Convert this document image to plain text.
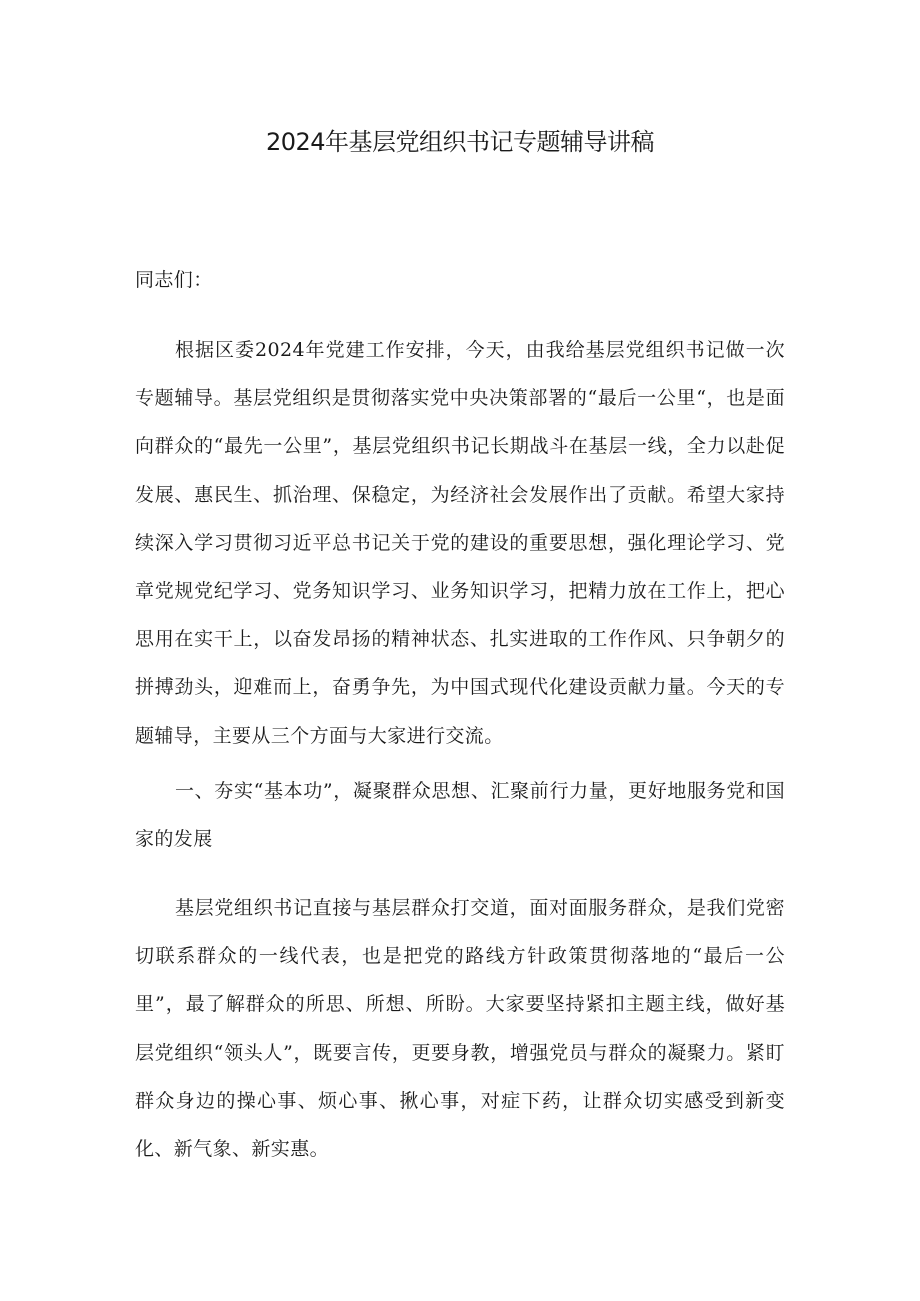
2024年基层党组织书记专题辅导讲稿
同志们：
根据区委2024年党建工作安排，今天，由我给基层党组织书记做一次专题辅导。基层党组织是贯彻落实党中央决策部署的“最后一公里“，也是面向群众的“最先一公里”，基层党组织书记长期战斗在基层一线，全力以赴促发展、惠民生、抓治理、保稳定，为经济社会发展作出了贡献。希望大家持续深入学习贯彻习近平总书记关于党的建设的重要思想，强化理论学习、党章党规党纪学习、党务知识学习、业务知识学习，把精力放在工作上，把心思用在实干上，以奋发昂扬的精神状态、扎实进取的工作作风、只争朝夕的拼搏劲头，迎难而上，奋勇争先，为中国式现代化建设贡献力量。今天的专题辅导，主要从三个方面与大家进行交流。
一、夯实“基本功”，凝聚群众思想、汇聚前行力量，更好地服务党和国家的发展
基层党组织书记直接与基层群众打交道，面对面服务群众，是我们党密切联系群众的一线代表，也是把党的路线方针政策贯彻落地的“最后一公里”，最了解群众的所思、所想、所盼。大家要坚持紧扣主题主线，做好基层党组织“领头人”，既要言传，更要身教，增强党员与群众的凝聚力。紧盯群众身边的操心事、烦心事、揪心事，对症下药，让群众切实感受到新变化、新气象、新实惠。
